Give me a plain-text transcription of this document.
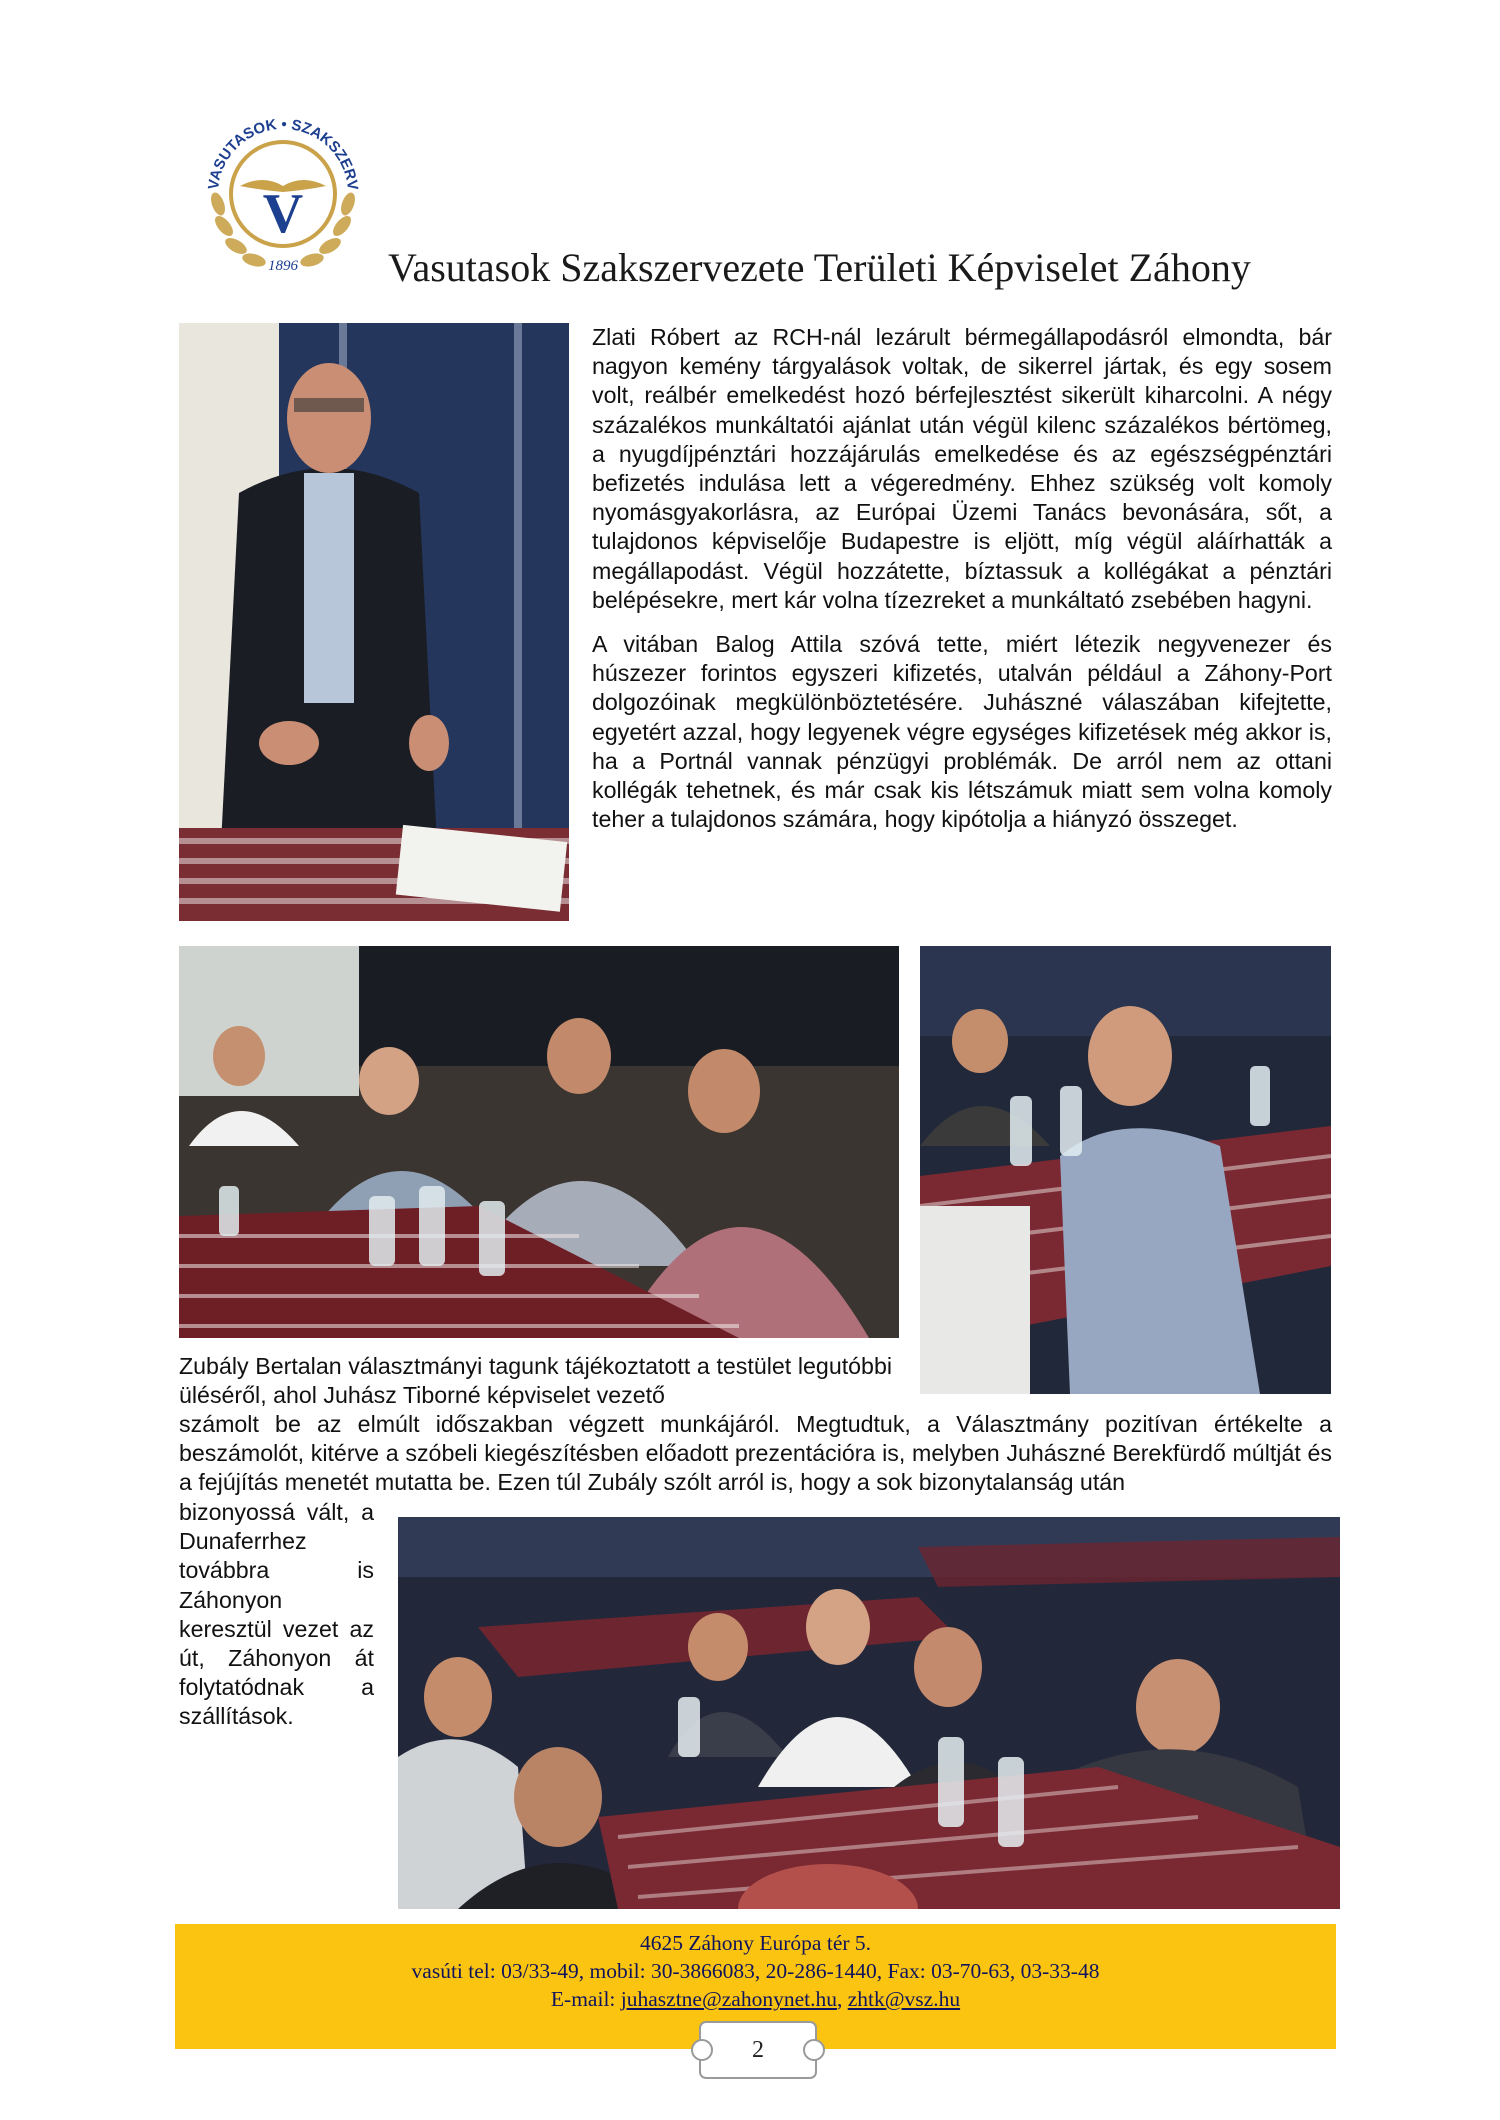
VASUTASOK • SZAKSZERV
V
1896 Vasutasok Szakszervezete Területi Képviselet Záhony

Zlati Róbert az RCH-nál lezárult bérmegállapodásról elmondta, bár nagyon kemény tárgyalások voltak, de sikerrel jártak, és egy sosem volt, reálbér emelkedést hozó bérfejlesztést sikerült kiharcolni. A négy százalékos munkáltatói ajánlat után végül kilenc százalékos bértömeg, a nyugdíjpénztári hozzájárulás emelkedése és az egészségpénztári befizetés indulása lett a végeredmény. Ehhez szükség volt komoly nyomásgyakorlásra, az Európai Üzemi Tanács bevonására, sőt, a tulajdonos képviselője Budapestre is eljött, míg végül aláírhatták a megállapodást. Végül hozzátette, bíztassuk a kollégákat a pénztári belépésekre, mert kár volna tízezreket a munkáltató zsebében hagyni.

A vitában Balog Attila szóvá tette, miért létezik negyvenezer és húszezer forintos egyszeri kifizetés, utalván például a Záhony-Port dolgozóinak megkülönböztetésére. Juhászné válaszában kifejtette, egyetért azzal, hogy legyenek végre egységes kifizetések még akkor is, ha a Portnál vannak pénzügyi problémák. De arról nem az ottani kollégák tehetnek, és már csak kis létszámuk miatt sem volna komoly teher a tulajdonos számára, hogy kipótolja a hiányzó összeget.

Zubály Bertalan választmányi tagunk tájékoztatott a testület legutóbbi üléséről, ahol Juhász Tiborné képviselet vezető
számolt be az elmúlt időszakban végzett munkájáról. Megtudtuk, a Választmány pozitívan értékelte a beszámolót, kitérve a szóbeli kiegészítésben előadott prezentációra is, melyben Juhászné Berekfürdő múltját és a fejújítás menetét mutatta be. Ezen túl Zubály szólt arról is, hogy a sok bizonytalanság után
bizonyossá vált, a Dunaferrhez továbbra is Záhonyon keresztül vezet az út, Záhonyon át folytatódnak a szállítások.
4625 Záhony Európa tér 5.
vasúti tel: 03/33-49, mobil: 30-3866083, 20-286-1440, Fax: 03-70-63, 03-33-48
E-mail: juhasztne@zahonynet.hu, zhtk@vsz.hu
2
